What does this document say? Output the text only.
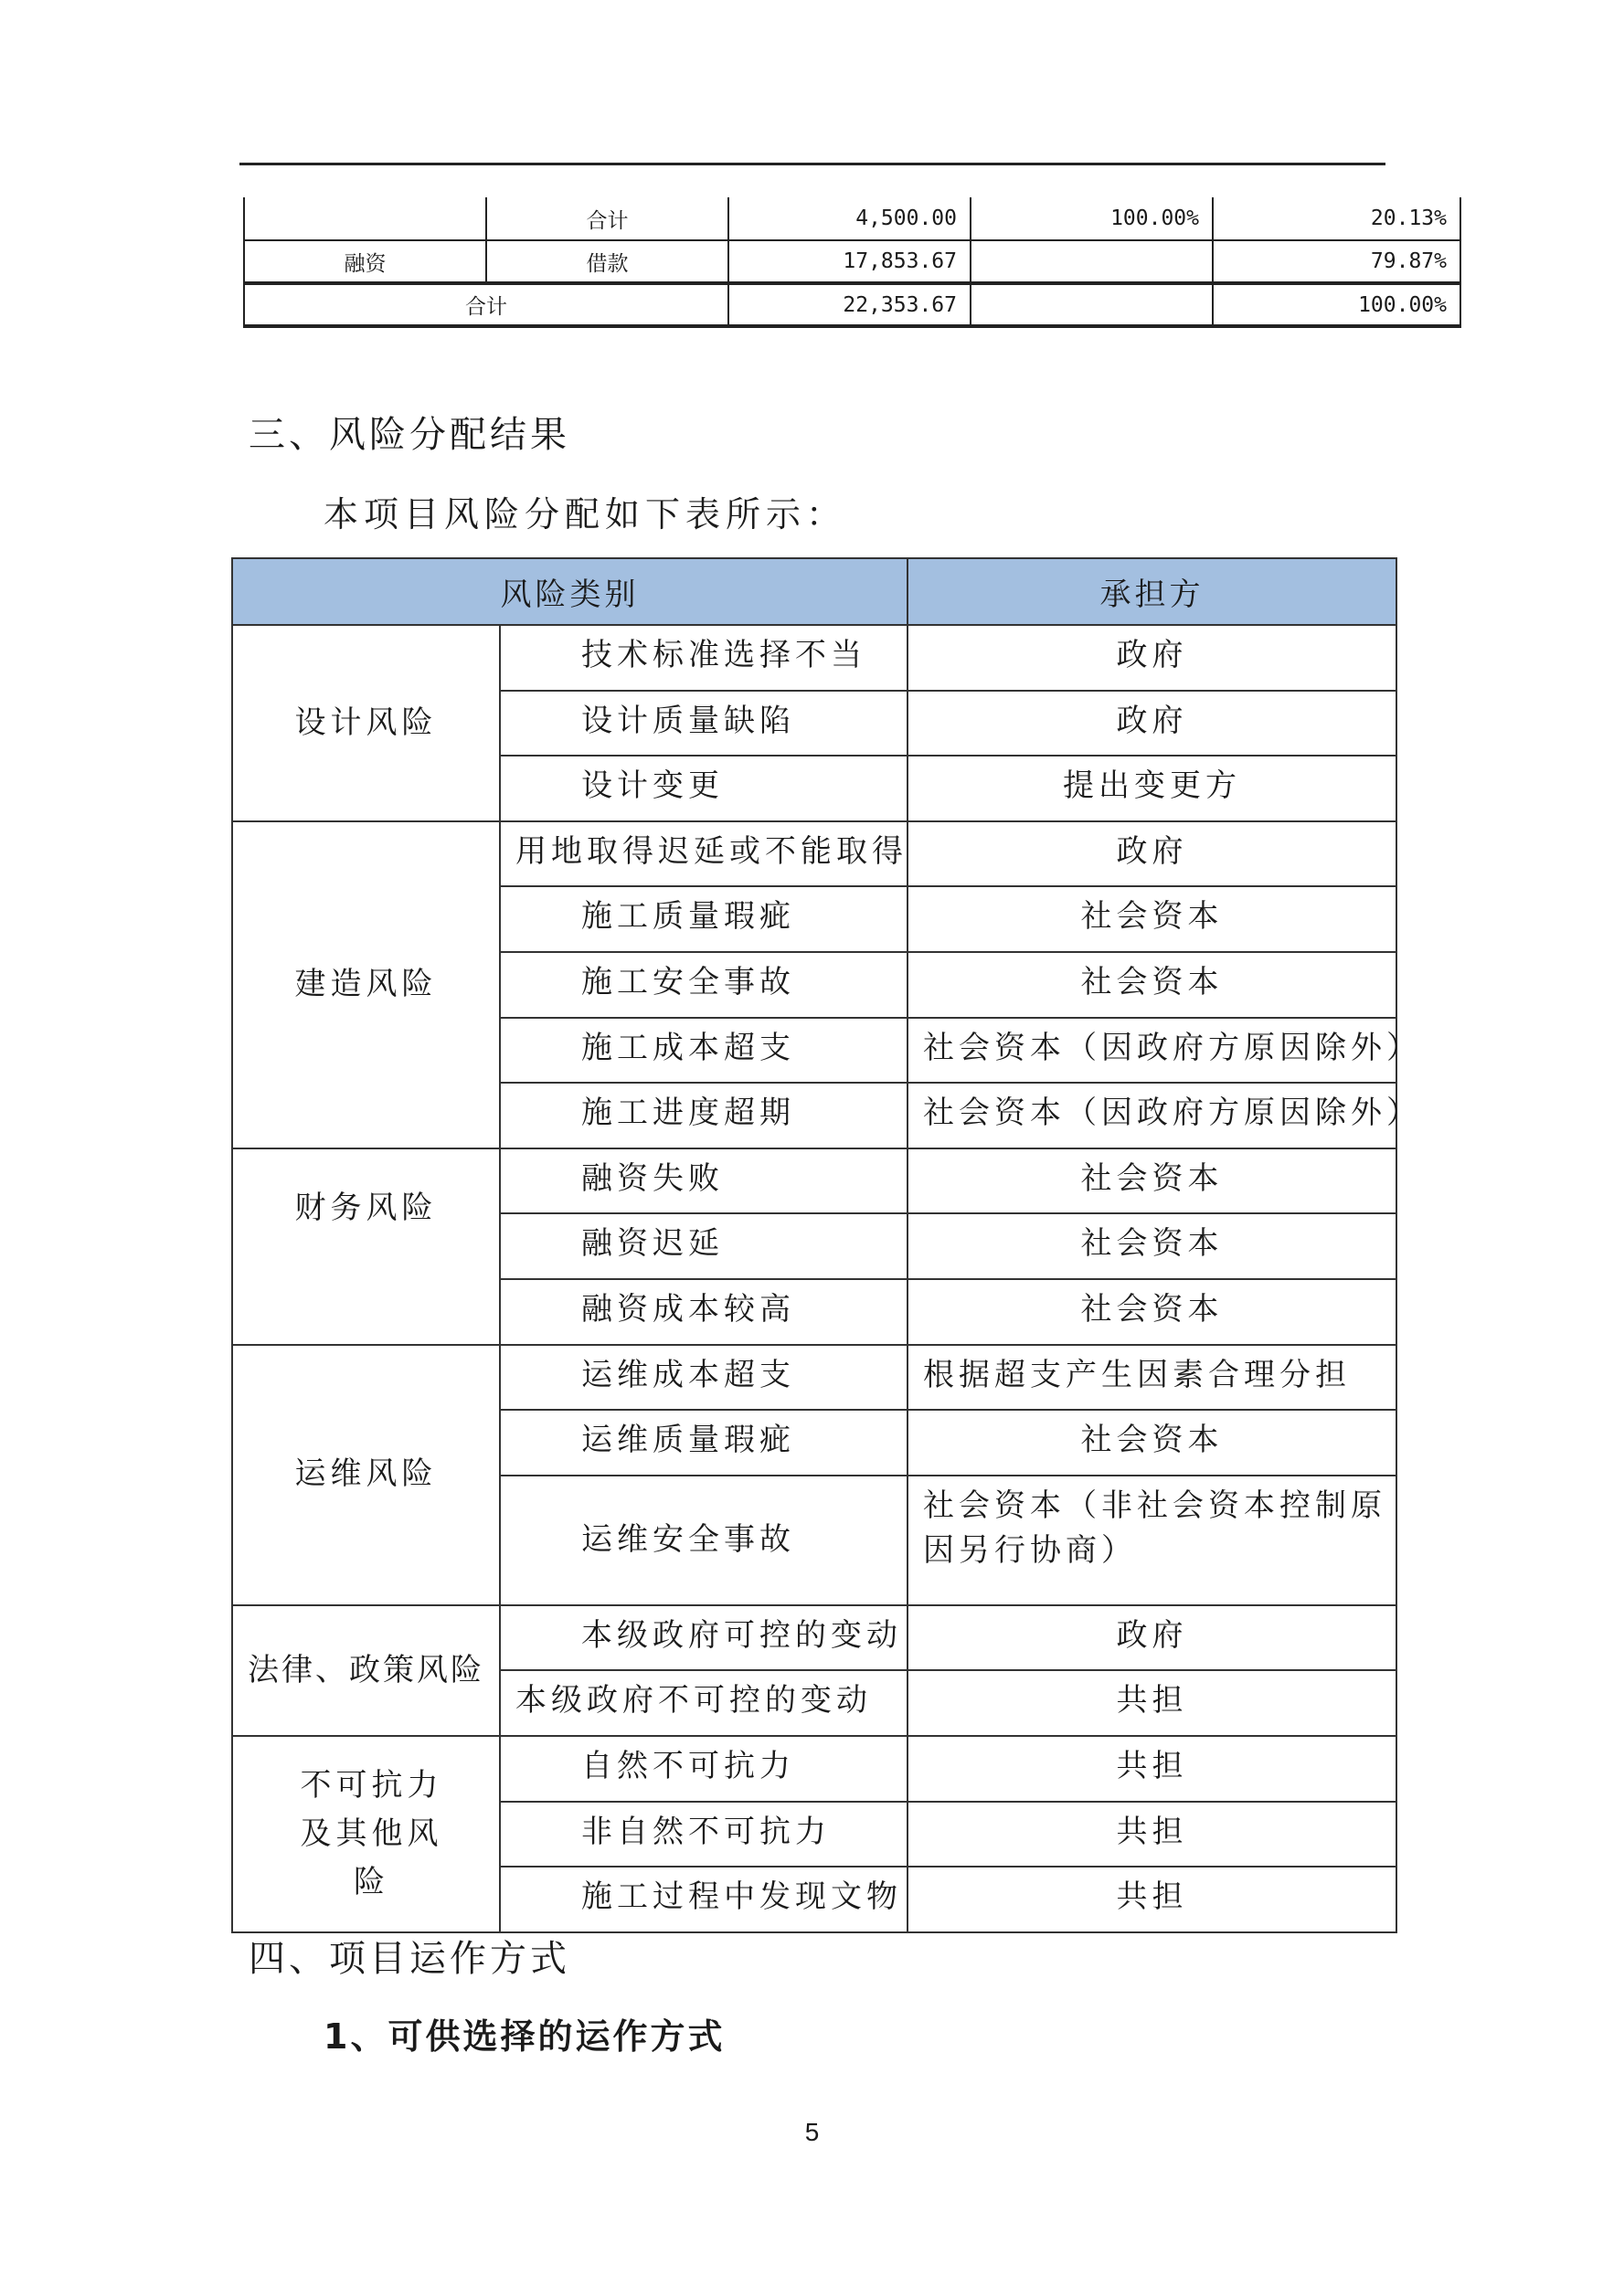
	合计	4,500.00	100.00%	20.13%
融资	借款	17,853.67		79.87%
合计		22,353.67		100.00%
三、风险分配结果
本项目风险分配如下表所示：
风险类别		承担方
设计风险	技术标准选择不当	政府
	设计质量缺陷	政府
	设计变更	提出变更方
建造风险	用地取得迟延或不能取得	政府
	施工质量瑕疵	社会资本
	施工安全事故	社会资本
	施工成本超支	社会资本（因政府方原因除外）
	施工进度超期	社会资本（因政府方原因除外）
财务风险	融资失败	社会资本
	融资迟延	社会资本
	融资成本较高	社会资本
运维风险	运维成本超支	根据超支产生因素合理分担
	运维质量瑕疵	社会资本
	运维安全事故	社会资本（非社会资本控制原因另行协商）
法律、政策风险	本级政府可控的变动	政府
	本级政府不可控的变动	共担
不可抗力及其他风险	自然不可抗力	共担
	非自然不可抗力	共担
	施工过程中发现文物	共担
四、项目运作方式
1、可供选择的运作方式
5
